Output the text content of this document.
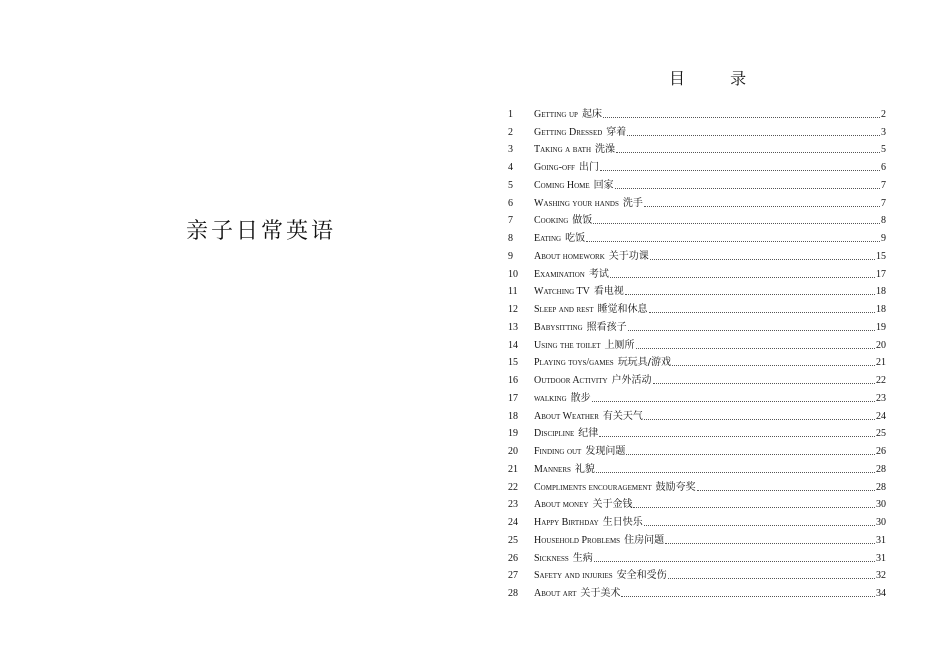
亲子日常英语
目 录
1	Getting up 起床	2
2	Getting Dressed 穿着	3
3	Taking a bath 洗澡	5
4	Going-off 出门	6
5	Coming Home 回家	7
6	Washing your hands 洗手	7
7	Cooking 做饭	8
8	Eating 吃饭	9
9	About homework 关于功课	15
10	Examination 考试	17
11	Watching TV 看电视	18
12	Sleep and rest 睡觉和休息	18
13	Babysitting 照看孩子	19
14	Using the toilet 上厕所	20
15	Playing toys/games 玩玩具/游戏	21
16	Outdoor Activity 户外活动	22
17	walking 散步	23
18	About Weather 有关天气	24
19	Discipline 纪律	25
20	Finding out 发现问题	26
21	Manners 礼貌	28
22	Compliments encouragement 鼓励夸奖	28
23	About money 关于金钱	30
24	Happy Birthday 生日快乐	30
25	Household Problems 住房问题	31
26	Sickness 生病	31
27	Safety and injuries 安全和受伤	32
28	About art 关于美术	34
